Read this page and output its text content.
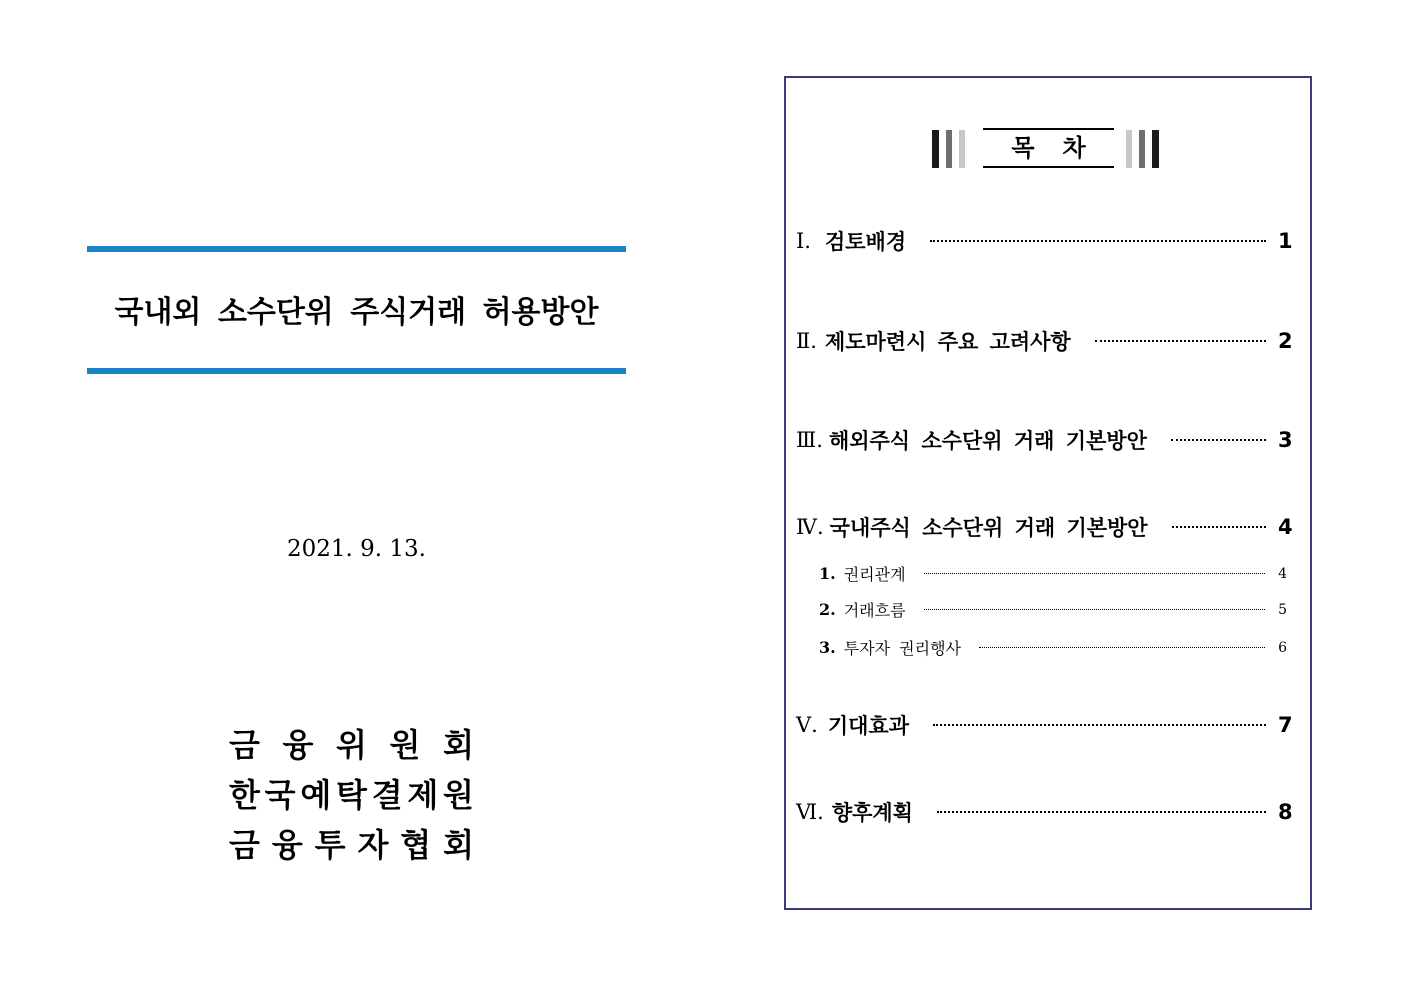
국내외 소수단위 주식거래 허용방안
2021. 9. 13.
금 융 위 원 회
한 국 예 탁 결 제 원
금 융 투 자 협 회
목차
Ⅰ. 검토배경	1
Ⅱ. 제도마련시 주요 고려사항	2
Ⅲ. 해외주식 소수단위 거래 기본방안	3
Ⅳ. 국내주식 소수단위 거래 기본방안	4
1. 권리관계	4
2. 거래흐름	5
3. 투자자 권리행사	6
Ⅴ. 기대효과	7
Ⅵ. 향후계획	8
